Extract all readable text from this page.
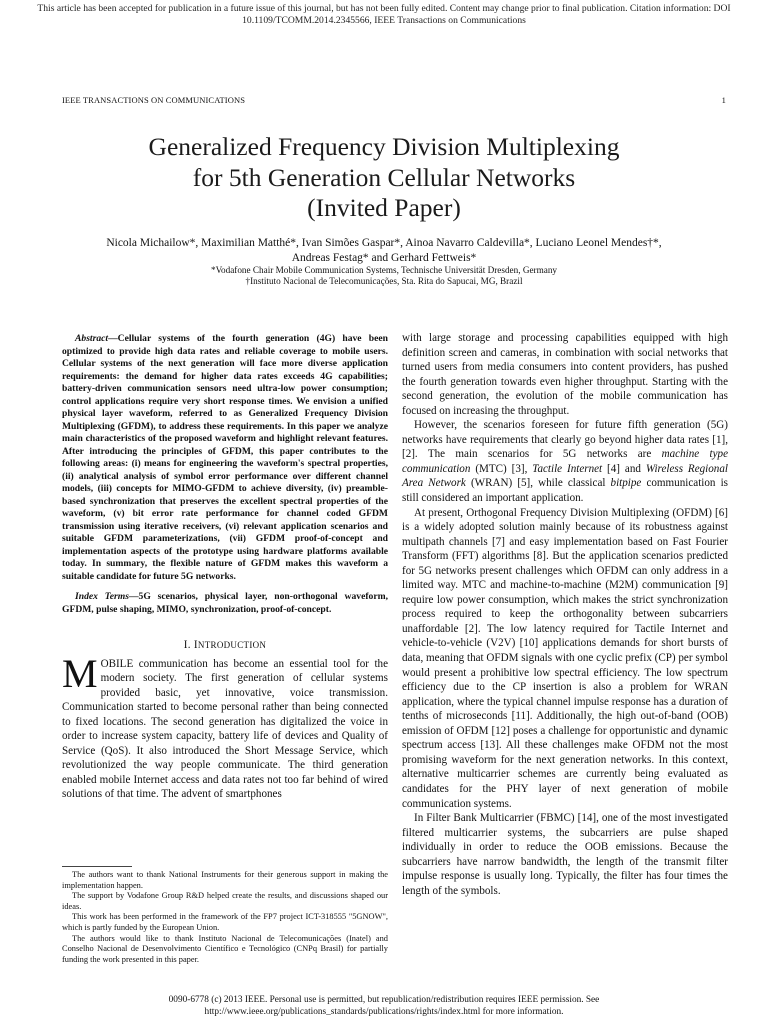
This article has been accepted for publication in a future issue of this journal, but has not been fully edited. Content may change prior to final publication. Citation information: DOI
10.1109/TCOMM.2014.2345566, IEEE Transactions on Communications
IEEE TRANSACTIONS ON COMMUNICATIONS	1
Generalized Frequency Division Multiplexing
for 5th Generation Cellular Networks
(Invited Paper)
Nicola Michailow*, Maximilian Matthé*, Ivan Simões Gaspar*, Ainoa Navarro Caldevilla*, Luciano Leonel Mendes†*,
Andreas Festag* and Gerhard Fettweis*
*Vodafone Chair Mobile Communication Systems, Technische Universität Dresden, Germany
†Instituto Nacional de Telecomunicações, Sta. Rita do Sapucai, MG, Brazil

Abstract—Cellular systems of the fourth generation (4G) have been optimized to provide high data rates and reliable coverage to mobile users. Cellular systems of the next generation will face more diverse application requirements: the demand for higher data rates exceeds 4G capabilities; battery-driven communication sensors need ultra-low power consumption; control applications require very short response times. We envision a unified physical layer waveform, referred to as Generalized Frequency Division Multiplexing (GFDM), to address these requirements. In this paper we analyze main characteristics of the proposed waveform and highlight relevant features. After introducing the principles of GFDM, this paper contributes to the following areas: (i) means for engineering the waveform's spectral properties, (ii) analytical analysis of symbol error performance over different channel models, (iii) concepts for MIMO-GFDM to achieve diversity, (iv) preamble-based synchronization that preserves the excellent spectral properties of the waveform, (v) bit error rate performance for channel coded GFDM transmission using iterative receivers, (vi) relevant application scenarios and suitable GFDM parameterizations, (vii) GFDM proof-of-concept and implementation aspects of the prototype using hardware platforms available today. In summary, the flexible nature of GFDM makes this waveform a suitable candidate for future 5G networks.

Index Terms—5G scenarios, physical layer, non-orthogonal waveform, GFDM, pulse shaping, MIMO, synchronization, proof-of-concept.

I. INTRODUCTION

MOBILE communication has become an essential tool for the modern society. The first generation of cellular systems provided basic, yet innovative, voice transmission. Communication started to become personal rather than being connected to fixed locations. The second generation has digitalized the voice in order to increase system capacity, battery life of devices and Quality of Service (QoS). It also introduced the Short Message Service, which revolutionized the way people communicate. The third generation enabled mobile Internet access and data rates not too far behind of wired solutions of that time. The advent of smartphones

The authors want to thank National Instruments for their generous support in making the implementation happen.

The support by Vodafone Group R&D helped create the results, and discussions shaped our ideas.

This work has been performed in the framework of the FP7 project ICT-318555 "5GNOW", which is partly funded by the European Union.

The authors would like to thank Instituto Nacional de Telecomunicações (Inatel) and Conselho Nacional de Desenvolvimento Científico e Tecnológico (CNPq Brasil) for partially funding the work presented in this paper.

with large storage and processing capabilities equipped with high definition screen and cameras, in combination with social networks that turned users from media consumers into content providers, has pushed the fourth generation towards even higher throughput. Starting with the second generation, the evolution of the mobile communication has focused on increasing the throughput.

However, the scenarios foreseen for future fifth generation (5G) networks have requirements that clearly go beyond higher data rates [1], [2]. The main scenarios for 5G networks are machine type communication (MTC) [3], Tactile Internet [4] and Wireless Regional Area Network (WRAN) [5], while classical bitpipe communication is still considered an important application.

At present, Orthogonal Frequency Division Multiplexing (OFDM) [6] is a widely adopted solution mainly because of its robustness against multipath channels [7] and easy implementation based on Fast Fourier Transform (FFT) algorithms [8]. But the application scenarios predicted for 5G networks present challenges which OFDM can only address in a limited way. MTC and machine-to-machine (M2M) communication [9] require low power consumption, which makes the strict synchronization process required to keep the orthogonality between subcarriers unaffordable [2]. The low latency required for Tactile Internet and vehicle-to-vehicle (V2V) [10] applications demands for short bursts of data, meaning that OFDM signals with one cyclic prefix (CP) per symbol would present a prohibitive low spectral efficiency. The low spectrum efficiency due to the CP insertion is also a problem for WRAN application, where the typical channel impulse response has a duration of tenths of microseconds [11]. Additionally, the high out-of-band (OOB) emission of OFDM [12] poses a challenge for opportunistic and dynamic spectrum access [13]. All these challenges make OFDM not the most promising waveform for the next generation networks. In this context, alternative multicarrier schemes are currently being evaluated as candidates for the PHY layer of next generation of mobile communication systems.

In Filter Bank Multicarrier (FBMC) [14], one of the most investigated filtered multicarrier systems, the subcarriers are pulse shaped individually in order to reduce the OOB emissions. Because the subcarriers have narrow bandwidth, the length of the transmit filter impulse response is usually long. Typically, the filter has four times the length of the symbols.

0090-6778 (c) 2013 IEEE. Personal use is permitted, but republication/redistribution requires IEEE permission. See
http://www.ieee.org/publications_standards/publications/rights/index.html for more information.
